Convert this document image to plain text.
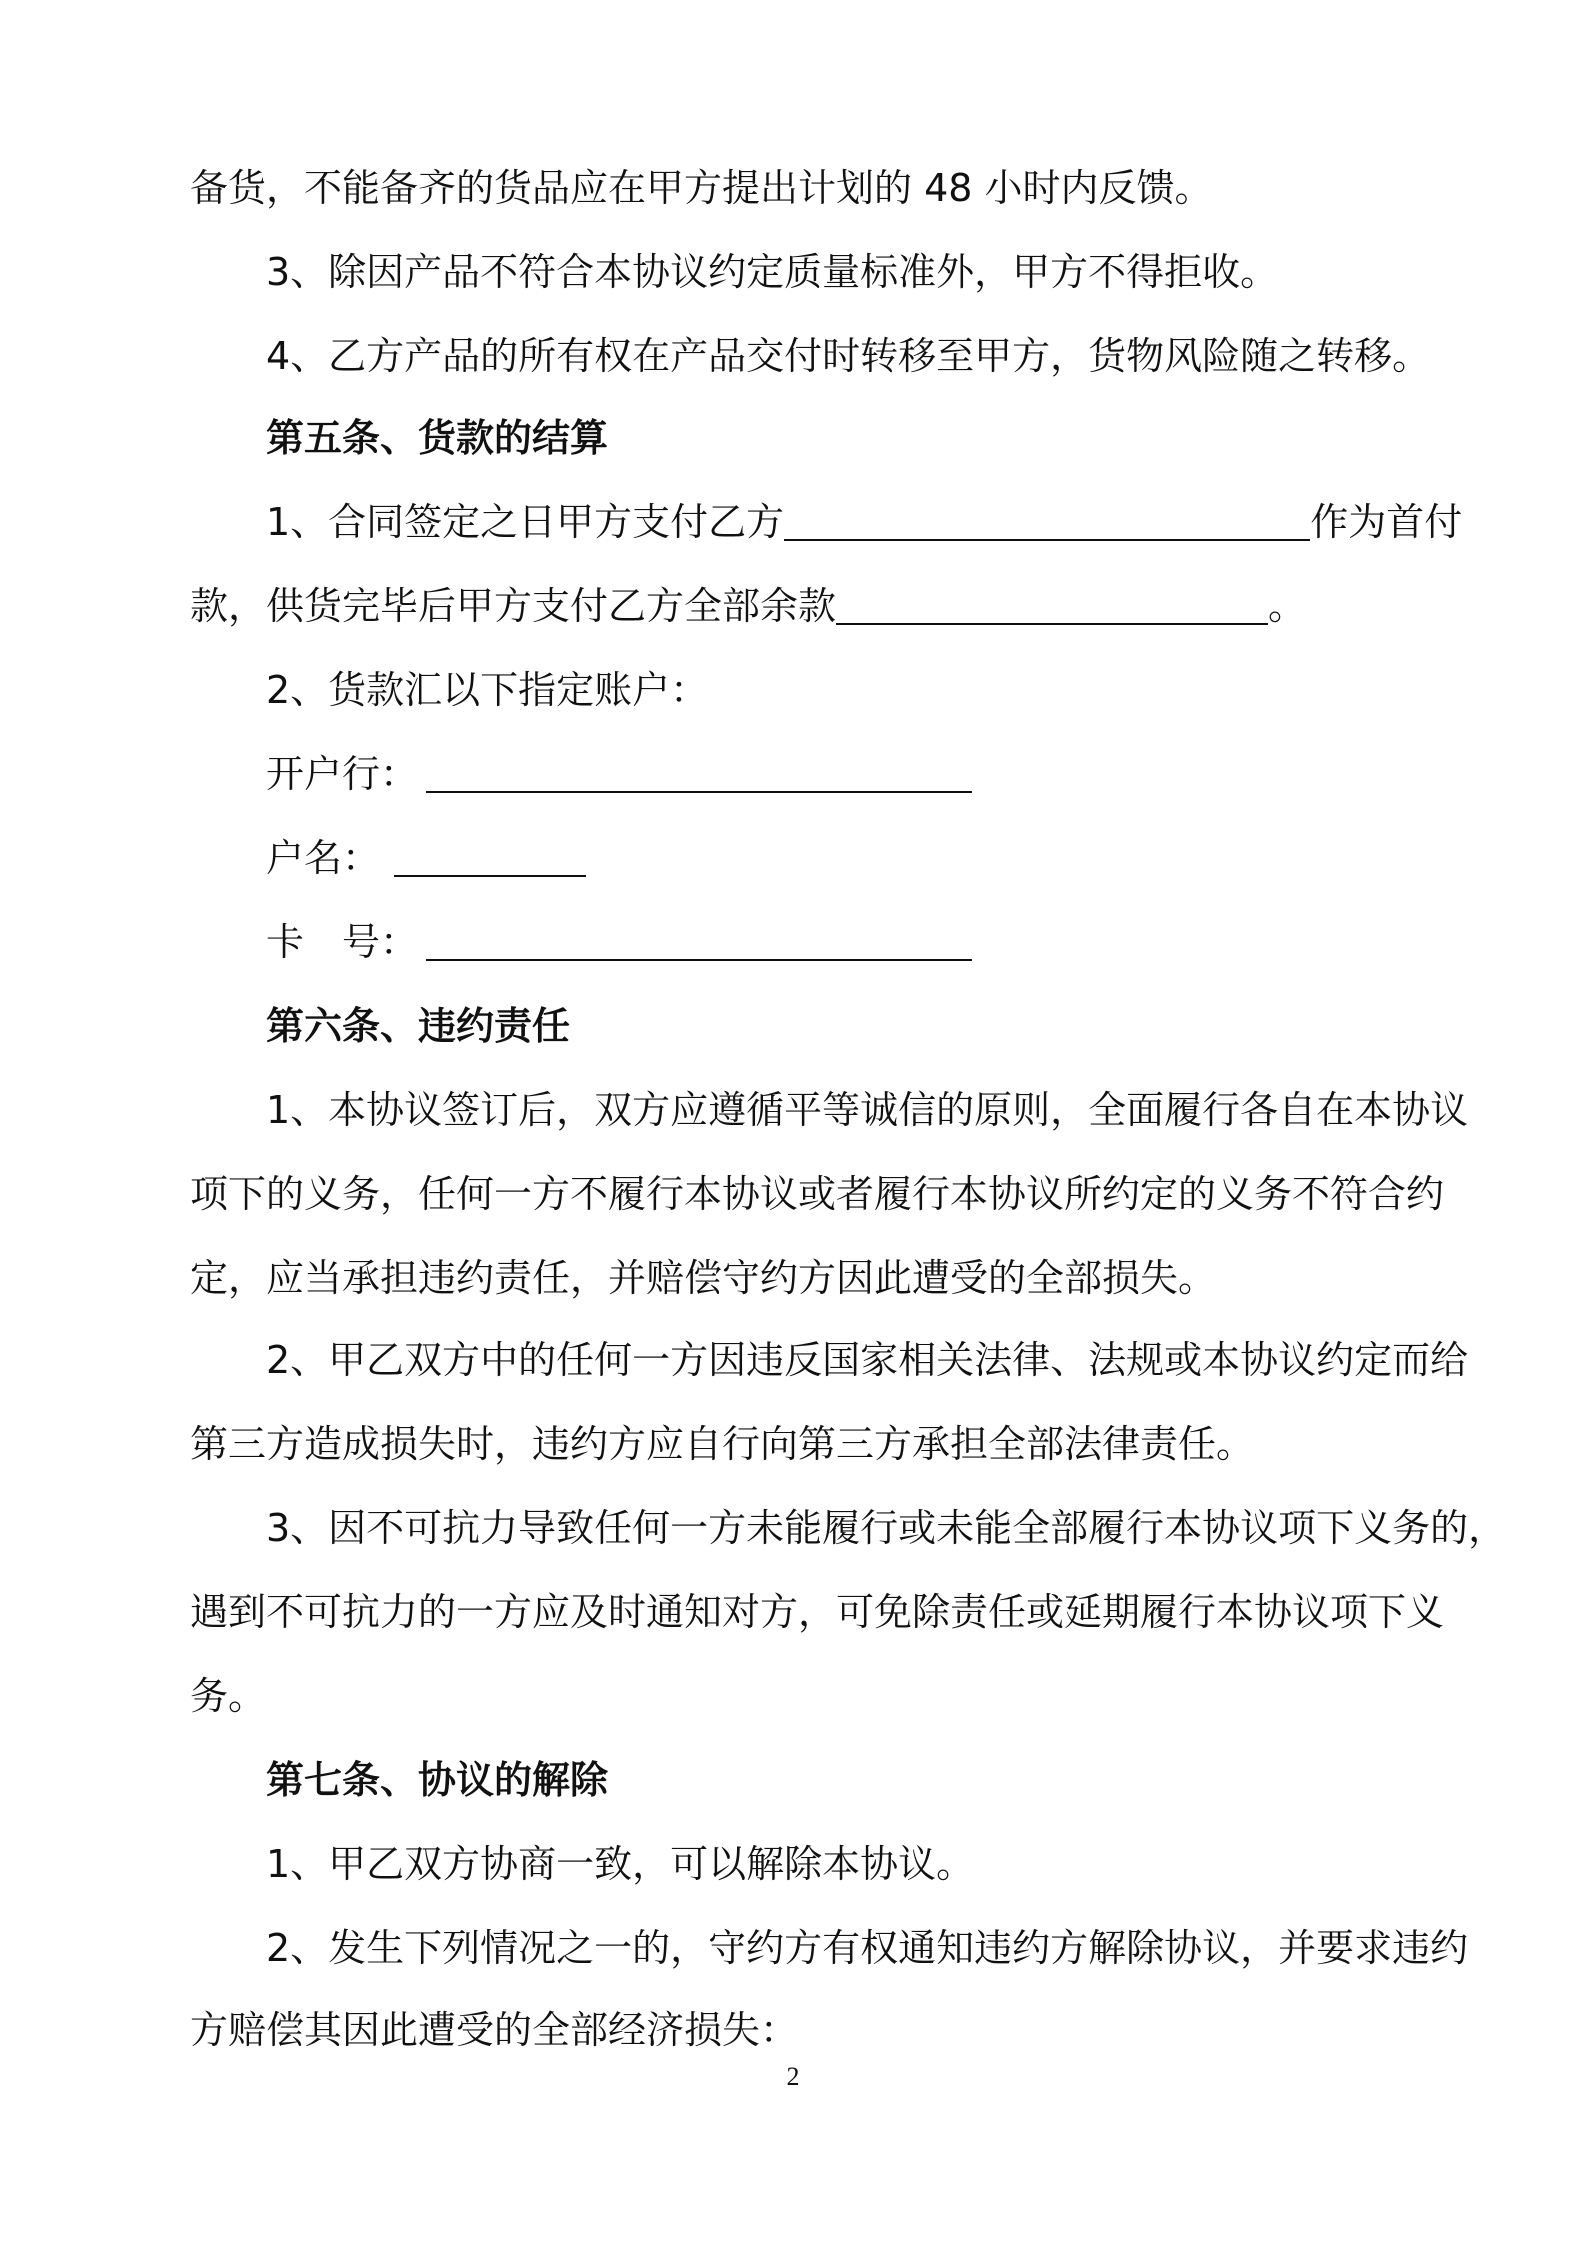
备货，不能备齐的货品应在甲方提出计划的 48 小时内反馈。
3、除因产品不符合本协议约定质量标准外，甲方不得拒收。
4、乙方产品的所有权在产品交付时转移至甲方，货物风险随之转移。
第五条、货款的结算
1、合同签定之日甲方支付乙方	作为首付
款，供货完毕后甲方支付乙方全部余款	。
2、货款汇以下指定账户：
开户行：
户名：
卡　号：
第六条、违约责任
1、本协议签订后，双方应遵循平等诚信的原则，全面履行各自在本协议
项下的义务，任何一方不履行本协议或者履行本协议所约定的义务不符合约
定，应当承担违约责任，并赔偿守约方因此遭受的全部损失。
2、甲乙双方中的任何一方因违反国家相关法律、法规或本协议约定而给
第三方造成损失时，违约方应自行向第三方承担全部法律责任。
3、因不可抗力导致任何一方未能履行或未能全部履行本协议项下义务的，
遇到不可抗力的一方应及时通知对方，可免除责任或延期履行本协议项下义
务。
第七条、协议的解除
1、甲乙双方协商一致，可以解除本协议。
2、发生下列情况之一的，守约方有权通知违约方解除协议，并要求违约
方赔偿其因此遭受的全部经济损失：
2
